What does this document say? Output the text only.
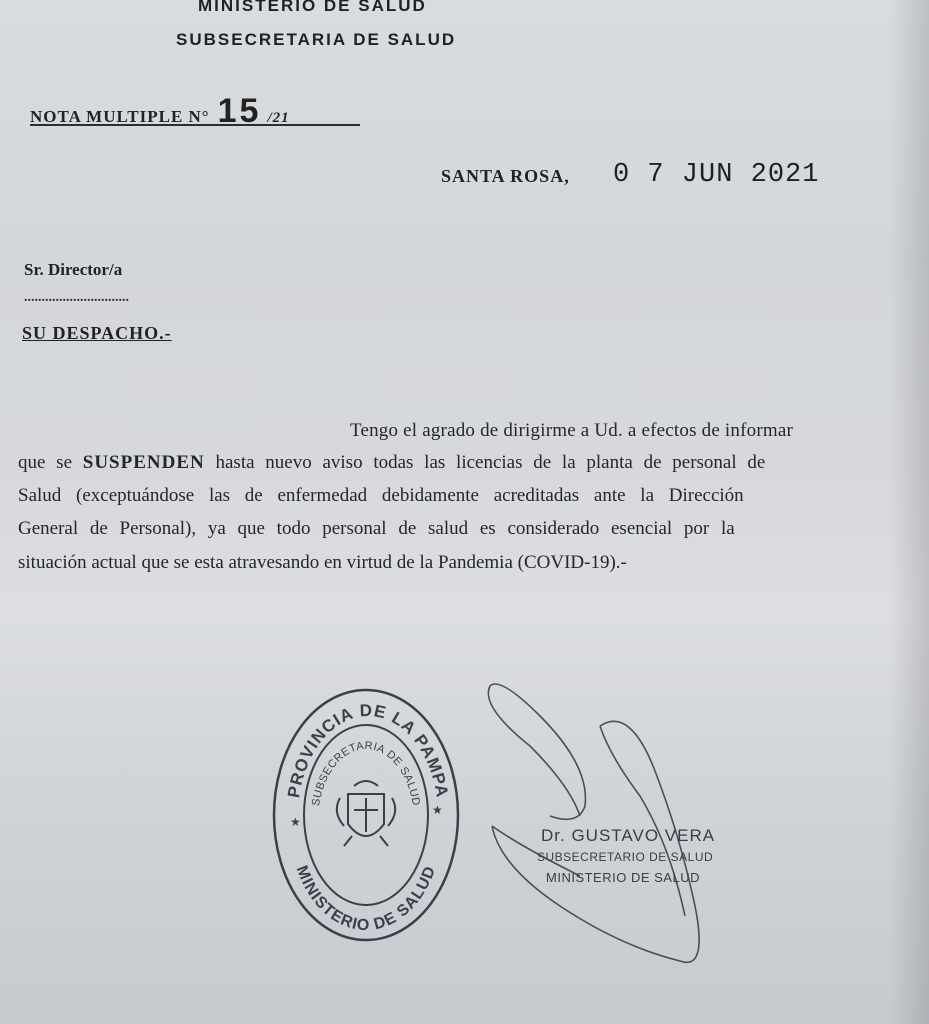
MINISTERIO DE SALUD
SUBSECRETARIA DE SALUD
NOTA MULTIPLE N° 15 /21
SANTA ROSA, 0 7 JUN 2021
Sr. Director/a
..............................
SU DESPACHO.-
Tengo el agrado de dirigirme a Ud. a efectos de informar
que se SUSPENDEN hasta nuevo aviso todas las licencias de la planta de personal de
Salud (exceptuándose las de enfermedad debidamente acreditadas ante la Dirección
General de Personal), ya que todo personal de salud es considerado esencial por la
situación actual que se esta atravesando en virtud de la Pandemia (COVID-19).-
PROVINCIA DE LA PAMPA
SUBSECRETARIA DE SALUD
MINISTERIO DE SALUD
★
★
Dr. GUSTAVO VERA
SUBSECRETARIO DE SALUD
MINISTERIO DE SALUD
